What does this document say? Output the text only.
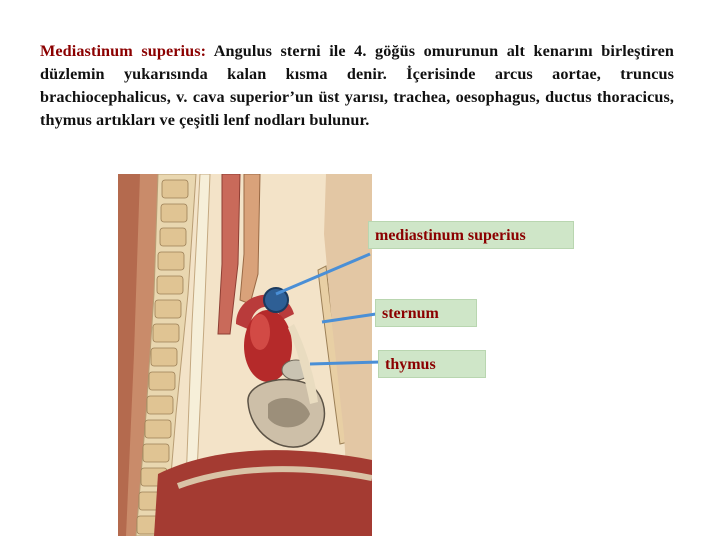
Mediastinum superius: Angulus sterni ile 4. göğüs omurunun alt kenarını birleştiren düzlemin yukarısında kalan kısma denir. İçerisinde arcus aortae, truncus brachiocephalicus, v. cava superior’un üst yarısı, trachea, oesophagus, ductus thoracicus, thymus artıkları ve çeşitli lenf nodları bulunur.

mediastinum superius
sternum
thymus
